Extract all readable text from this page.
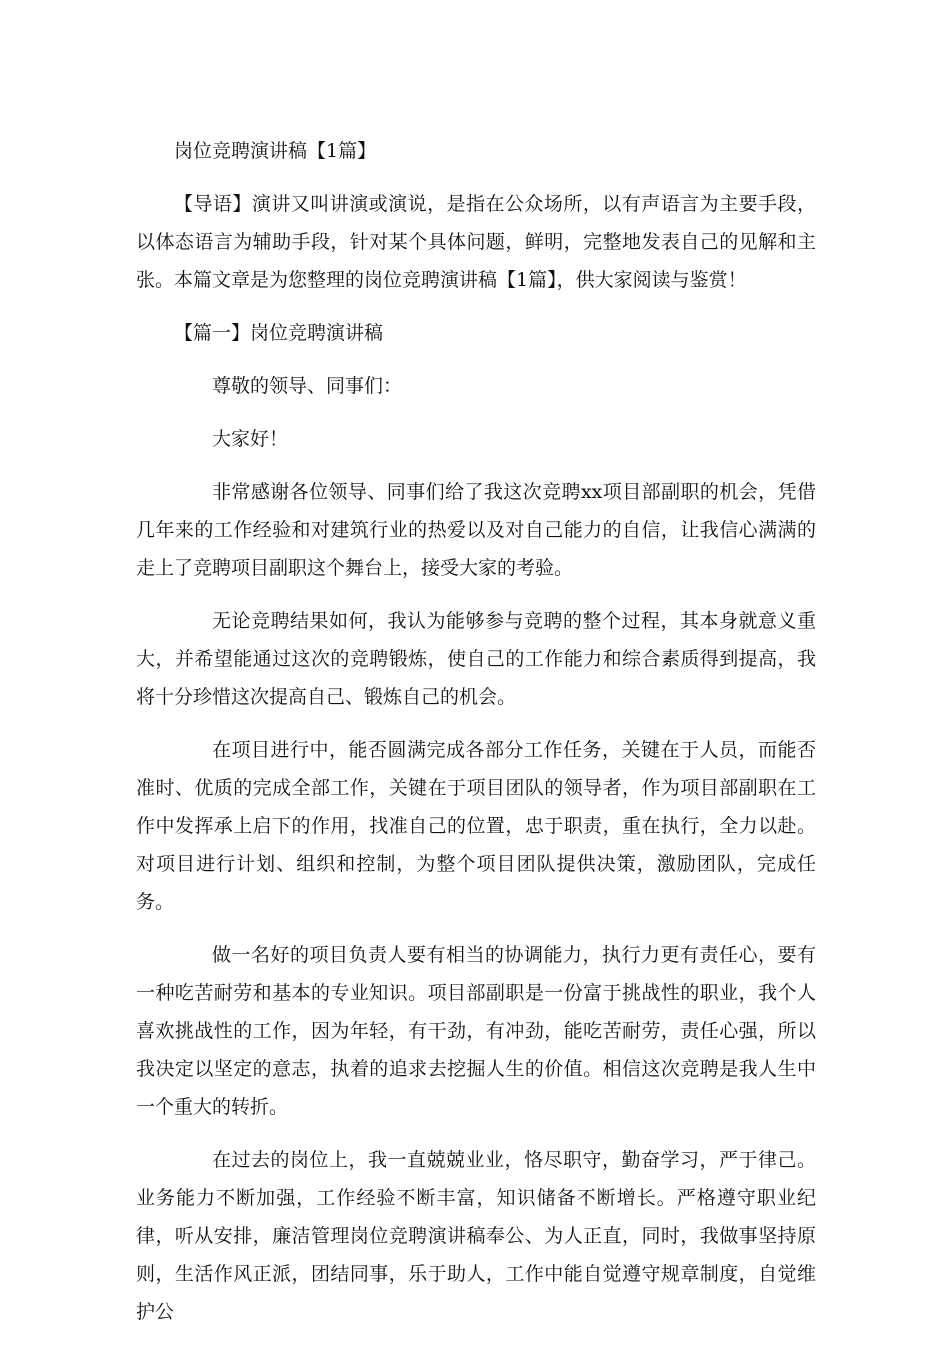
岗位竞聘演讲稿【1篇】

【导语】演讲又叫讲演或演说，是指在公众场所，以有声语言为主要手段，以体态语言为辅助手段，针对某个具体问题，鲜明，完整地发表自己的见解和主张。本篇文章是为您整理的岗位竞聘演讲稿【1篇】，供大家阅读与鉴赏！

【篇一】岗位竞聘演讲稿

尊敬的领导、同事们：

大家好！

非常感谢各位领导、同事们给了我这次竞聘xx项目部副职的机会，凭借几年来的工作经验和对建筑行业的热爱以及对自己能力的自信，让我信心满满的走上了竞聘项目副职这个舞台上，接受大家的考验。

无论竞聘结果如何，我认为能够参与竞聘的整个过程，其本身就意义重大，并希望能通过这次的竞聘锻炼，使自己的工作能力和综合素质得到提高，我将十分珍惜这次提高自己、锻炼自己的机会。

在项目进行中，能否圆满完成各部分工作任务，关键在于人员，而能否准时、优质的完成全部工作，关键在于项目团队的领导者，作为项目部副职在工作中发挥承上启下的作用，找准自己的位置，忠于职责，重在执行，全力以赴。对项目进行计划、组织和控制，为整个项目团队提供决策，激励团队，完成任务。

做一名好的项目负责人要有相当的协调能力，执行力更有责任心，要有一种吃苦耐劳和基本的专业知识。项目部副职是一份富于挑战性的职业，我个人喜欢挑战性的工作，因为年轻，有干劲，有冲劲，能吃苦耐劳，责任心强，所以我决定以坚定的意志，执着的追求去挖掘人生的价值。相信这次竞聘是我人生中一个重大的转折。

在过去的岗位上，我一直兢兢业业，恪尽职守，勤奋学习，严于律己。业务能力不断加强，工作经验不断丰富，知识储备不断增长。严格遵守职业纪律，听从安排，廉洁管理岗位竞聘演讲稿奉公、为人正直，同时，我做事坚持原则，生活作风正派，团结同事，乐于助人，工作中能自觉遵守规章制度，自觉维护公
